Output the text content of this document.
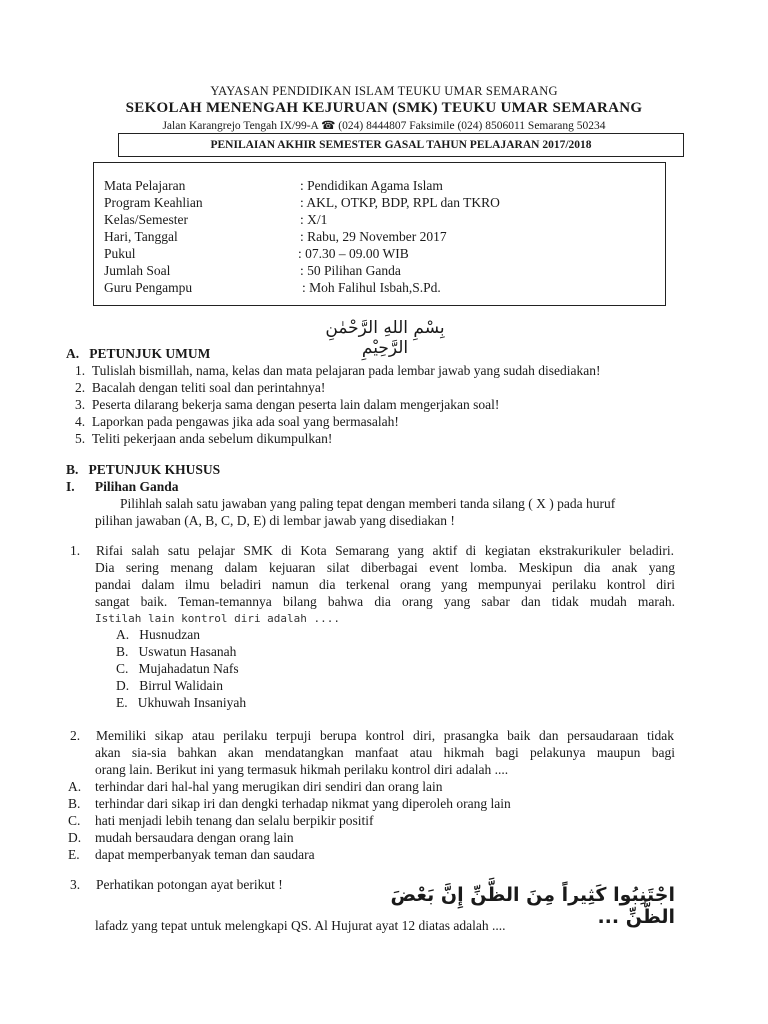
YAYASAN PENDIDIKAN ISLAM TEUKU UMAR SEMARANG
SEKOLAH MENENGAH KEJURUAN (SMK) TEUKU UMAR SEMARANG
Jalan Karangrejo Tengah IX/99-A ☎ (024) 8444807 Faksimile (024) 8506011 Semarang 50234
PENILAIAN AKHIR SEMESTER GASAL TAHUN PELAJARAN 2017/2018
Mata Pelajaran	: Pendidikan Agama Islam
Program Keahlian	: AKL, OTKP, BDP, RPL dan TKRO
Kelas/Semester	: X/1
Hari, Tanggal	: Rabu, 29 November 2017
Pukul	: 07.30 – 09.00 WIB
Jumlah Soal	: 50 Pilihan Ganda
Guru Pengampu	: Moh Falihul Isbah,S.Pd.
بِسْمِ اللهِ الرَّحْمٰنِ الرَّحِيْمِ
A.   PETUNJUK UMUM
1.  Tulislah bismillah, nama, kelas dan mata pelajaran pada lembar jawab yang sudah disediakan!
2.  Bacalah dengan teliti soal dan perintahnya!
3.  Peserta dilarang bekerja sama dengan peserta lain dalam mengerjakan soal!
4.  Laporkan pada pengawas jika ada soal yang bermasalah!
5.  Teliti pekerjaan anda sebelum dikumpulkan!
B.   PETUNJUK KHUSUS
I.      Pilihan Ganda
Pilihlah salah satu jawaban yang paling tepat dengan memberi tanda silang ( X ) pada huruf
pilihan jawaban (A, B, C, D, E) di lembar jawab yang disediakan !
1. Rifai salah satu pelajar SMK di Kota Semarang yang aktif di kegiatan ekstrakurikuler beladiri.
Dia sering menang dalam kejuaran silat diberbagai event lomba. Meskipun dia anak yang
pandai dalam ilmu beladiri namun dia terkenal orang yang mempunyai perilaku kontrol diri
sangat baik. Teman-temannya bilang bahwa dia orang yang sabar dan tidak mudah marah.
Istilah lain kontrol diri adalah ....
A.   Husnudzan
B.   Uswatun Hasanah
C.   Mujahadatun Nafs
D.   Birrul Walidain
E.   Ukhuwah Insaniyah
2. Memiliki sikap atau perilaku terpuji berupa kontrol diri, prasangka baik dan persaudaraan tidak
akan sia-sia bahkan akan mendatangkan manfaat atau hikmah bagi pelakunya maupun bagi
orang lain. Berikut ini yang termasuk hikmah perilaku kontrol diri adalah ....
A. terhindar dari hal-hal yang merugikan diri sendiri dan orang lain
B. terhindar dari sikap iri dan dengki terhadap nikmat yang diperoleh orang lain
C. hati menjadi lebih tenang dan selalu berpikir positif
D. mudah bersaudara dengan orang lain
E. dapat memperbanyak teman dan saudara
3. Perhatikan potongan ayat berikut !	اجْتَنِبُوا كَثِيراً مِنَ الظَّنِّ إِنَّ بَعْضَ الظَّنِّ ...
lafadz yang tepat untuk melengkapi QS. Al Hujurat ayat 12 diatas adalah ....
